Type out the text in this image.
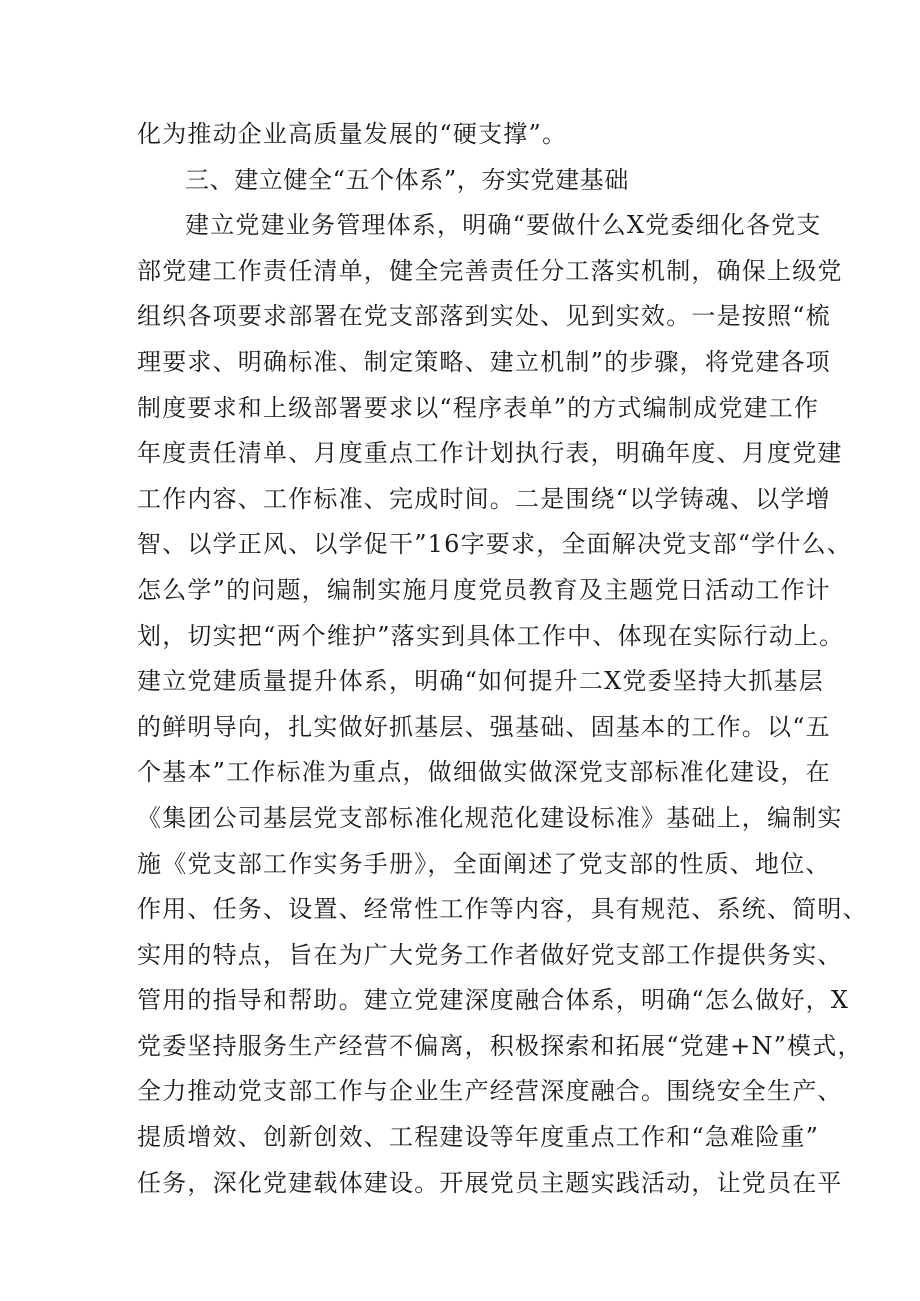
化为推动企业高质量发展的“硬支撑”。
三、建立健全“五个体系”，夯实党建基础
建立党建业务管理体系，明确“要做什么X党委细化各党支
部党建工作责任清单，健全完善责任分工落实机制，确保上级党
组织各项要求部署在党支部落到实处、见到实效。一是按照“梳
理要求、明确标准、制定策略、建立机制”的步骤，将党建各项
制度要求和上级部署要求以“程序表单”的方式编制成党建工作
年度责任清单、月度重点工作计划执行表，明确年度、月度党建
工作内容、工作标准、完成时间。二是围绕“以学铸魂、以学增
智、以学正风、以学促干”16字要求，全面解决党支部“学什么、
怎么学”的问题，编制实施月度党员教育及主题党日活动工作计
划，切实把“两个维护”落实到具体工作中、体现在实际行动上。
建立党建质量提升体系，明确“如何提升二X党委坚持大抓基层
的鲜明导向，扎实做好抓基层、强基础、固基本的工作。以“五
个基本”工作标准为重点，做细做实做深党支部标准化建设，在
《集团公司基层党支部标准化规范化建设标准》基础上，编制实
施《党支部工作实务手册》，全面阐述了党支部的性质、地位、
作用、任务、设置、经常性工作等内容，具有规范、系统、简明、
实用的特点，旨在为广大党务工作者做好党支部工作提供务实、
管用的指导和帮助。建立党建深度融合体系，明确“怎么做好，X
党委坚持服务生产经营不偏离，积极探索和拓展“党建+N”模式，
全力推动党支部工作与企业生产经营深度融合。围绕安全生产、
提质增效、创新创效、工程建设等年度重点工作和“急难险重”
任务，深化党建载体建设。开展党员主题实践活动，让党员在平
